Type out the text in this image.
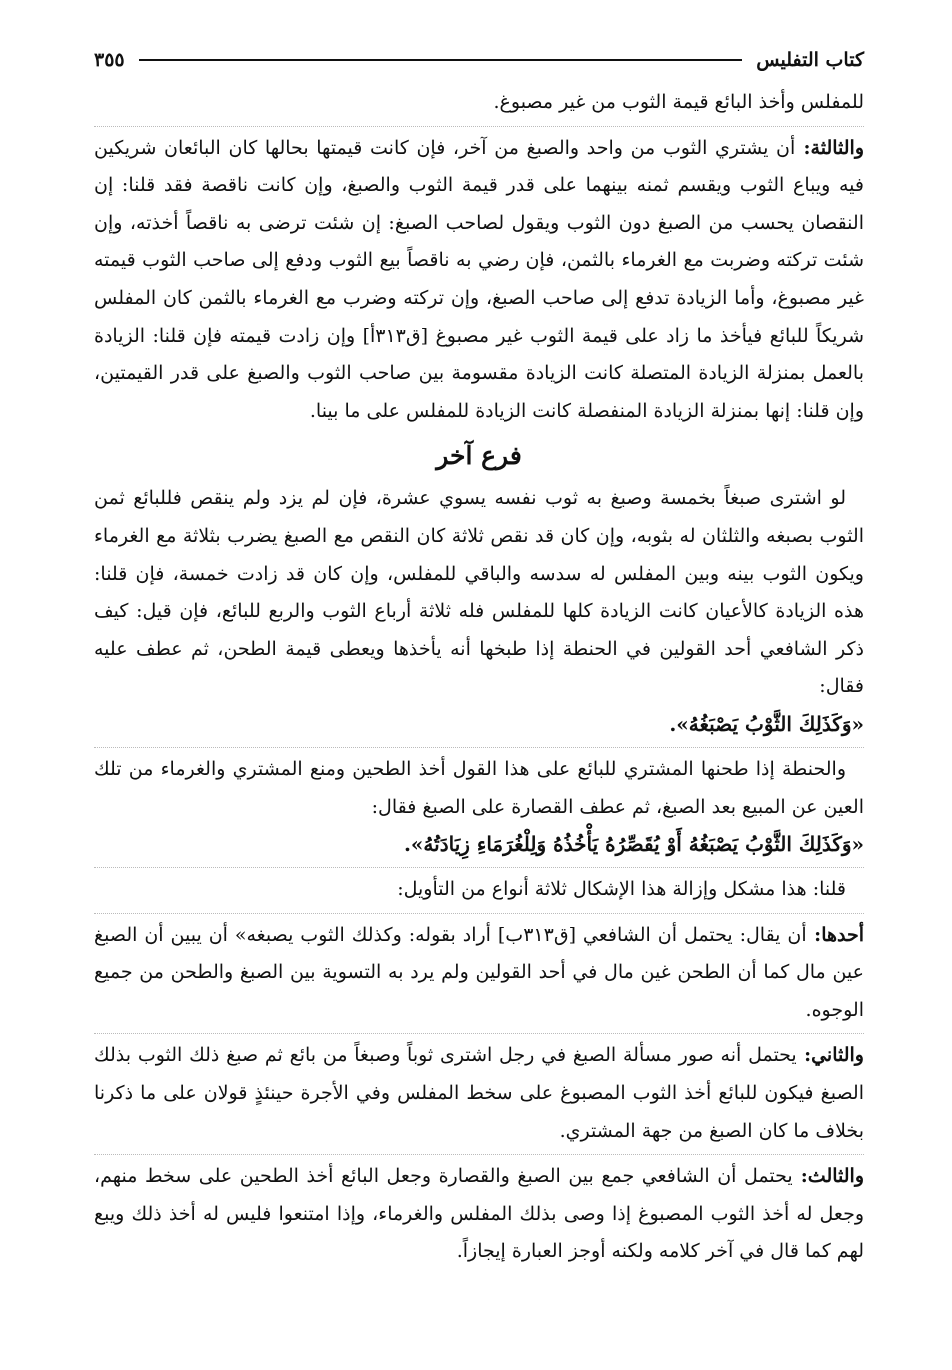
كتاب التفليس
٣٥٥

للمفلس وأخذ البائع قيمة الثوب من غير مصبوغ.

والثالثة: أن يشتري الثوب من واحد والصبغ من آخر، فإن كانت قيمتها بحالها كان البائعان شريكين فيه ويباع الثوب ويقسم ثمنه بينهما على قدر قيمة الثوب والصبغ، وإن كانت ناقصة فقد قلنا: إن النقصان يحسب من الصبغ دون الثوب ويقول لصاحب الصبغ: إن شئت ترضى به ناقصاً أخذته، وإن شئت تركته وضربت مع الغرماء بالثمن، فإن رضي به ناقصاً بيع الثوب ودفع إلى صاحب الثوب قيمته غير مصبوغ، وأما الزيادة تدفع إلى صاحب الصبغ، وإن تركته وضرب مع الغرماء بالثمن كان المفلس شريكاً للبائع فيأخذ ما زاد على قيمة الثوب غير مصبوغ [ق٣١٣أ] وإن زادت قيمته فإن قلنا: الزيادة بالعمل بمنزلة الزيادة المتصلة كانت الزيادة مقسومة بين صاحب الثوب والصبغ على قدر القيمتين، وإن قلنا: إنها بمنزلة الزيادة المنفصلة كانت الزيادة للمفلس على ما بينا.

فرع آخر

لو اشترى صبغاً بخمسة وصبغ به ثوب نفسه يسوي عشرة، فإن لم يزد ولم ينقص فللبائع ثمن الثوب بصبغه والثلثان له بثوبه، وإن كان قد نقص ثلاثة كان النقص مع الصبغ يضرب بثلاثة مع الغرماء ويكون الثوب بينه وبين المفلس له سدسه والباقي للمفلس، وإن كان قد زادت خمسة، فإن قلنا: هذه الزيادة كالأعيان كانت الزيادة كلها للمفلس فله ثلاثة أرباع الثوب والربع للبائع، فإن قيل: كيف ذكر الشافعي أحد القولين في الحنطة إذا طبخها أنه يأخذها ويعطى قيمة الطحن، ثم عطف عليه فقال:

«وَكَذَلِكَ الثَّوْبُ يَصْبَغُهُ».

والحنطة إذا طحنها المشتري للبائع على هذا القول أخذ الطحين ومنع المشتري والغرماء من تلك العين عن المبيع بعد الصبغ، ثم عطف القصارة على الصبغ فقال:

«وَكَذَلِكَ الثَّوْبُ يَصْبَغُهُ أَوْ يُقَصِّرُهُ يَأْخُذُهُ وَلِلْغُرَمَاءِ زِيَادَتُهُ».

قلنا: هذا مشكل وإزالة هذا الإشكال ثلاثة أنواع من التأويل:

أحدها: أن يقال: يحتمل أن الشافعي [ق٣١٣ب] أراد بقوله: وكذلك الثوب يصبغه» أن يبين أن الصبغ عين مال كما أن الطحن غين مال في أحد القولين ولم يرد به التسوية بين الصبغ والطحن من جميع الوجوه.

والثاني: يحتمل أنه صور مسألة الصبغ في رجل اشترى ثوباً وصبغاً من بائع ثم صبغ ذلك الثوب بذلك الصبغ فيكون للبائع أخذ الثوب المصبوغ على سخط المفلس وفي الأجرة حينئذٍ قولان على ما ذكرنا بخلاف ما كان الصبغ من جهة المشتري.

والثالث: يحتمل أن الشافعي جمع بين الصبغ والقصارة وجعل البائع أخذ الطحين على سخط منهم، وجعل له أخذ الثوب المصبوغ إذا وصى بذلك المفلس والغرماء، وإذا امتنعوا فليس له أخذ ذلك ويبع لهم كما قال في آخر كلامه ولكنه أوجز العبارة إيجازاً.
